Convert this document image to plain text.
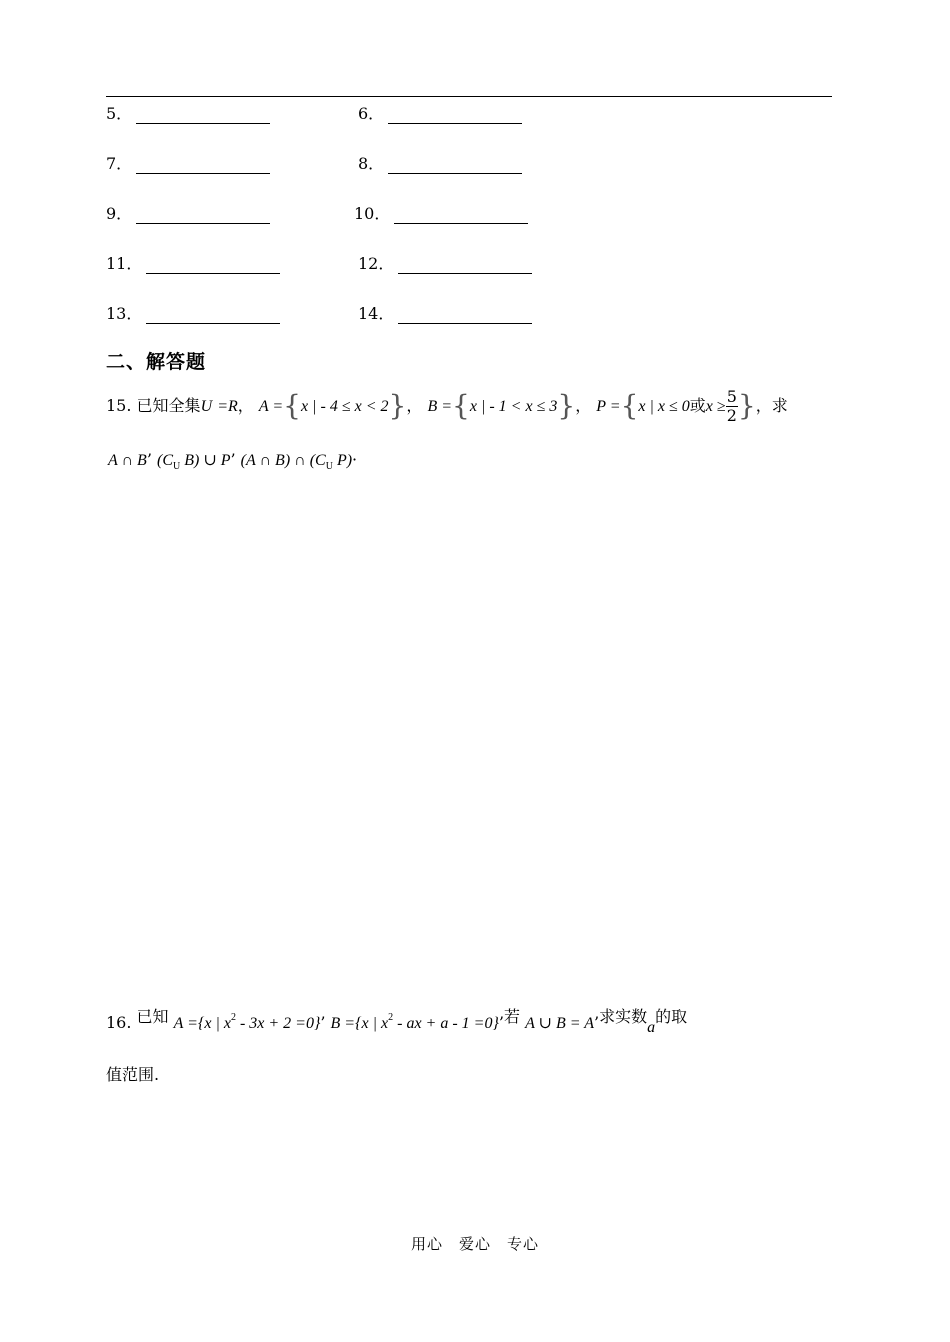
5．	6．
7．	8．
9．	10．
11．	12．
13．	14．
二、解答题
15. 已知全集U =R， A ={x | - 4 ≤ x < 2}， B ={x | - 1 < x ≤ 3}， P ={x | x ≤ 0或$x \ge \frac{5}{2}$ }，求
A ∩ B’ ($C_U$ B) ∪ P’ (A ∩ B) ∩ ($C_U$ P)·
16. 已知 A ={x | $x^2 - 3x + 2 =0$}’ B ={x | $x^2$ - ax + a - 1 =0}’若 A ∪ B = A’求实数a的取
值范围.
用心　爱心　专心
